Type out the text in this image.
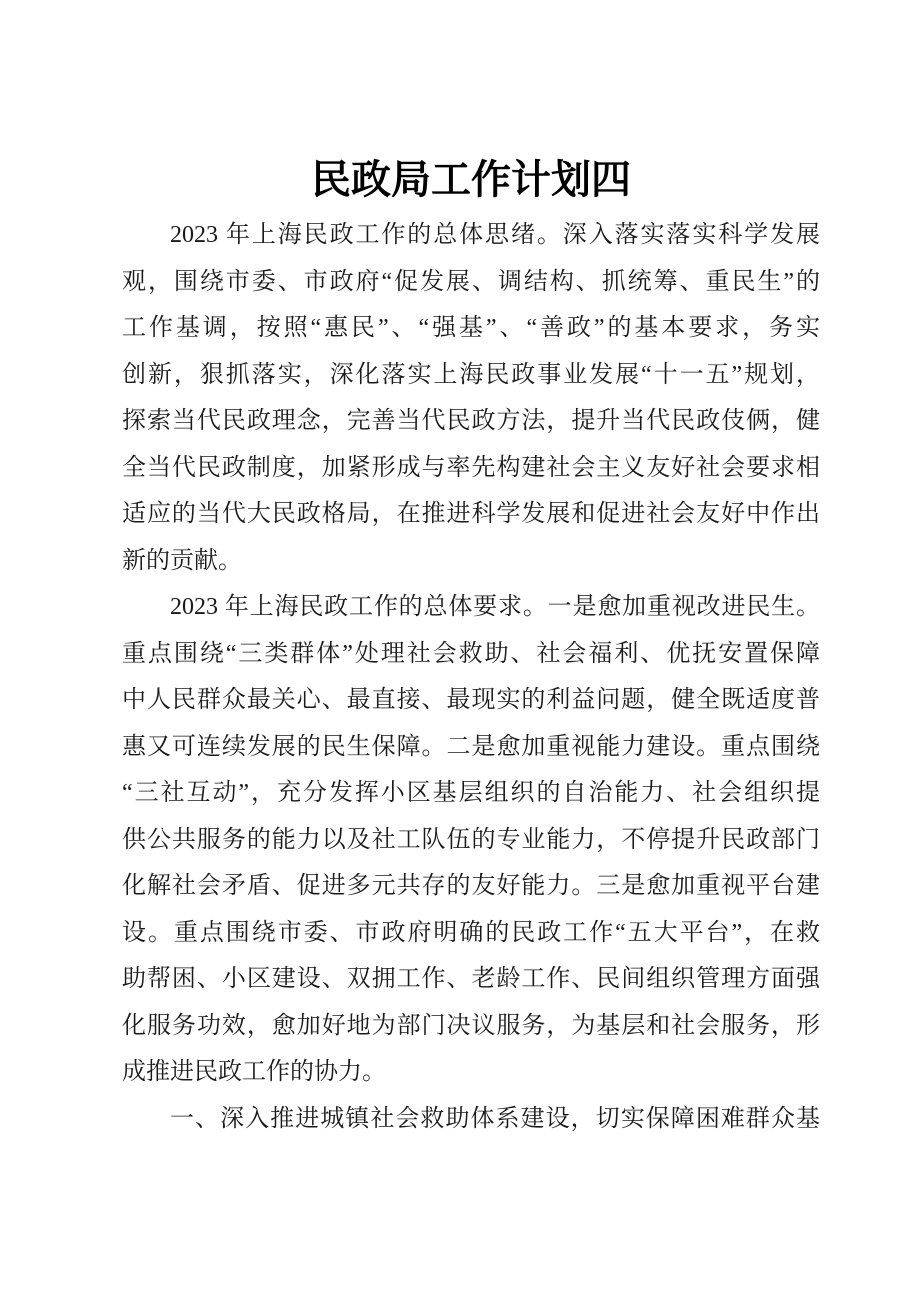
民政局工作计划四
2023 年上海民政工作的总体思绪。深入落实落实科学发展
观，围绕市委、市政府“促发展、调结构、抓统筹、重民生”的
工作基调，按照“惠民”、“强基”、“善政”的基本要求，务实
创新，狠抓落实，深化落实上海民政事业发展“十一五”规划，
探索当代民政理念，完善当代民政方法，提升当代民政伎俩，健
全当代民政制度，加紧形成与率先构建社会主义友好社会要求相
适应的当代大民政格局，在推进科学发展和促进社会友好中作出
新的贡献。
2023 年上海民政工作的总体要求。一是愈加重视改进民生。
重点围绕“三类群体”处理社会救助、社会福利、优抚安置保障
中人民群众最关心、最直接、最现实的利益问题，健全既适度普
惠又可连续发展的民生保障。二是愈加重视能力建设。重点围绕
“三社互动”，充分发挥小区基层组织的自治能力、社会组织提
供公共服务的能力以及社工队伍的专业能力，不停提升民政部门
化解社会矛盾、促进多元共存的友好能力。三是愈加重视平台建
设。重点围绕市委、市政府明确的民政工作“五大平台”，在救
助帮困、小区建设、双拥工作、老龄工作、民间组织管理方面强
化服务功效，愈加好地为部门决议服务，为基层和社会服务，形
成推进民政工作的协力。
一、深入推进城镇社会救助体系建设，切实保障困难群众基
